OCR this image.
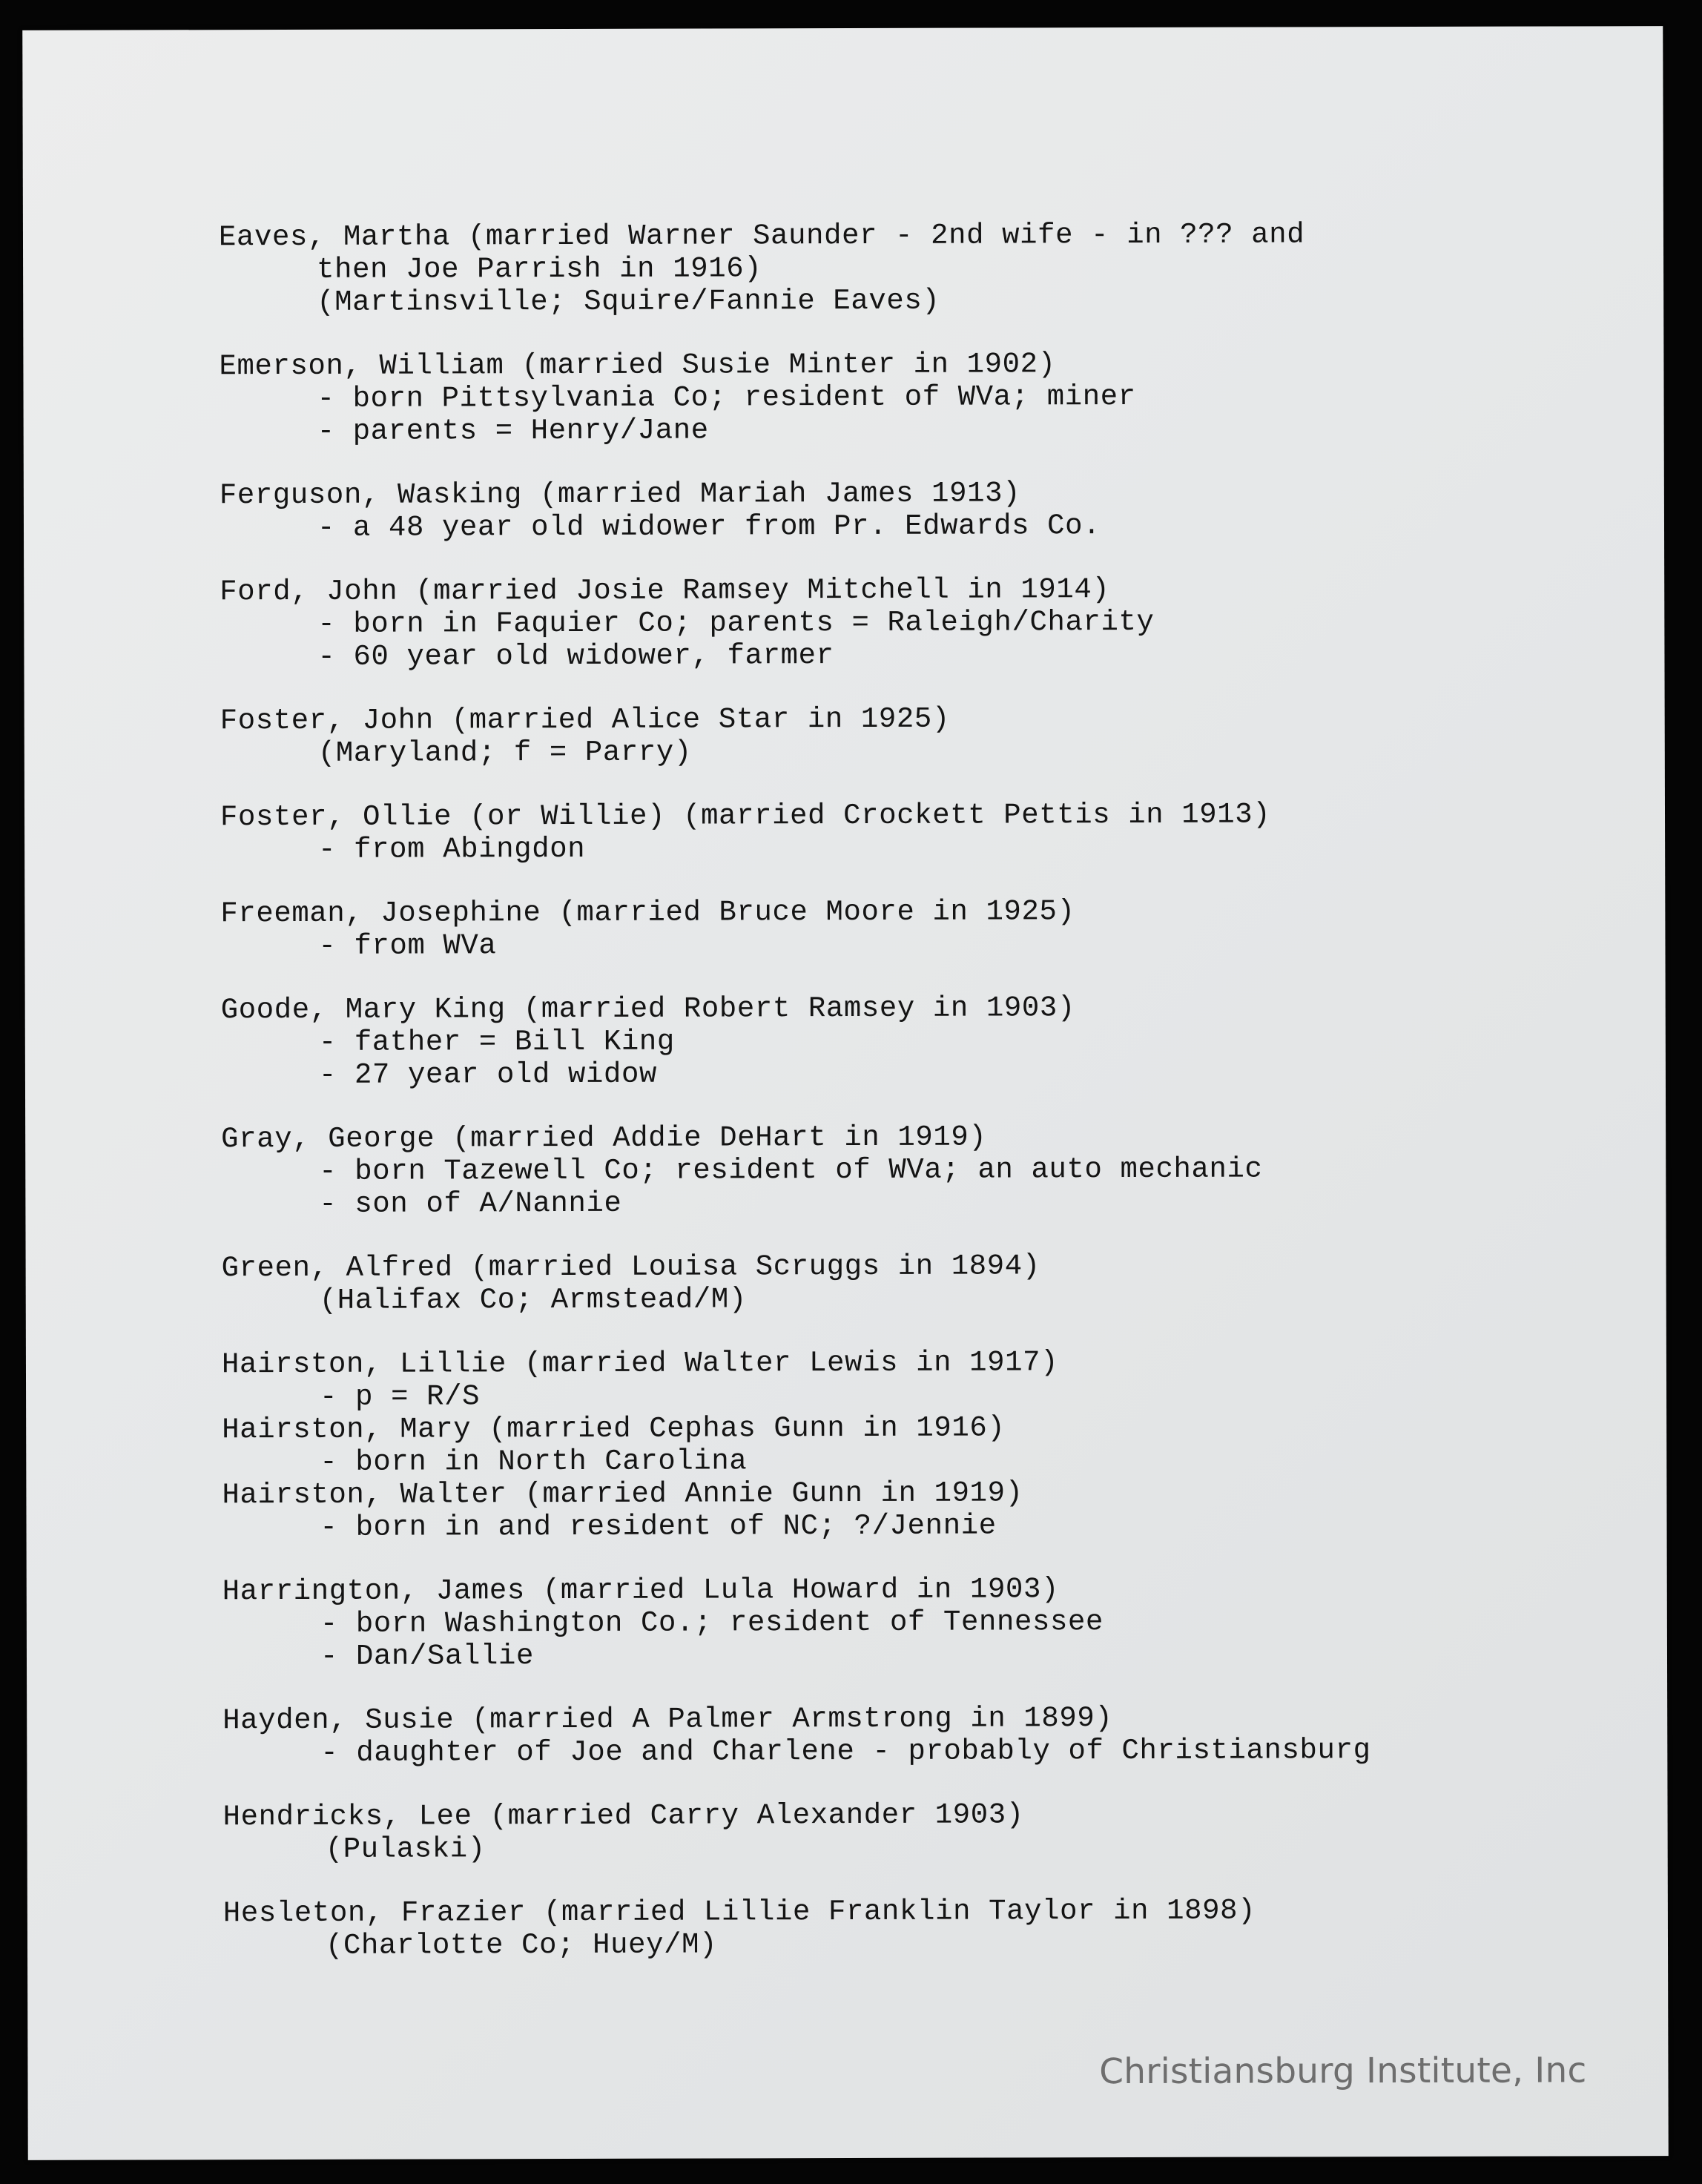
Eaves, Martha (married Warner Saunder - 2nd wife - in ??? and
then Joe Parrish in 1916)
(Martinsville; Squire/Fannie Eaves)
Emerson, William (married Susie Minter in 1902)
- born Pittsylvania Co; resident of WVa; miner
- parents = Henry/Jane
Ferguson, Wasking (married Mariah James 1913)
- a 48 year old widower from Pr. Edwards Co.
Ford, John (married Josie Ramsey Mitchell in 1914)
- born in Faquier Co; parents = Raleigh/Charity
- 60 year old widower, farmer
Foster, John (married Alice Star in 1925)
(Maryland; f = Parry)
Foster, Ollie (or Willie) (married Crockett Pettis in 1913)
- from Abingdon
Freeman, Josephine (married Bruce Moore in 1925)
- from WVa
Goode, Mary King (married Robert Ramsey in 1903)
- father = Bill King
- 27 year old widow
Gray, George (married Addie DeHart in 1919)
- born Tazewell Co; resident of WVa; an auto mechanic
- son of A/Nannie
Green, Alfred (married Louisa Scruggs in 1894)
(Halifax Co; Armstead/M)
Hairston, Lillie (married Walter Lewis in 1917)
- p = R/S
Hairston, Mary (married Cephas Gunn in 1916)
- born in North Carolina
Hairston, Walter (married Annie Gunn in 1919)
- born in and resident of NC; ?/Jennie
Harrington, James (married Lula Howard in 1903)
- born Washington Co.; resident of Tennessee
- Dan/Sallie
Hayden, Susie (married A Palmer Armstrong in 1899)
- daughter of Joe and Charlene - probably of Christiansburg
Hendricks, Lee (married Carry Alexander 1903)
(Pulaski)
Hesleton, Frazier (married Lillie Franklin Taylor in 1898)
(Charlotte Co; Huey/M)
Christiansburg Institute, Inc
